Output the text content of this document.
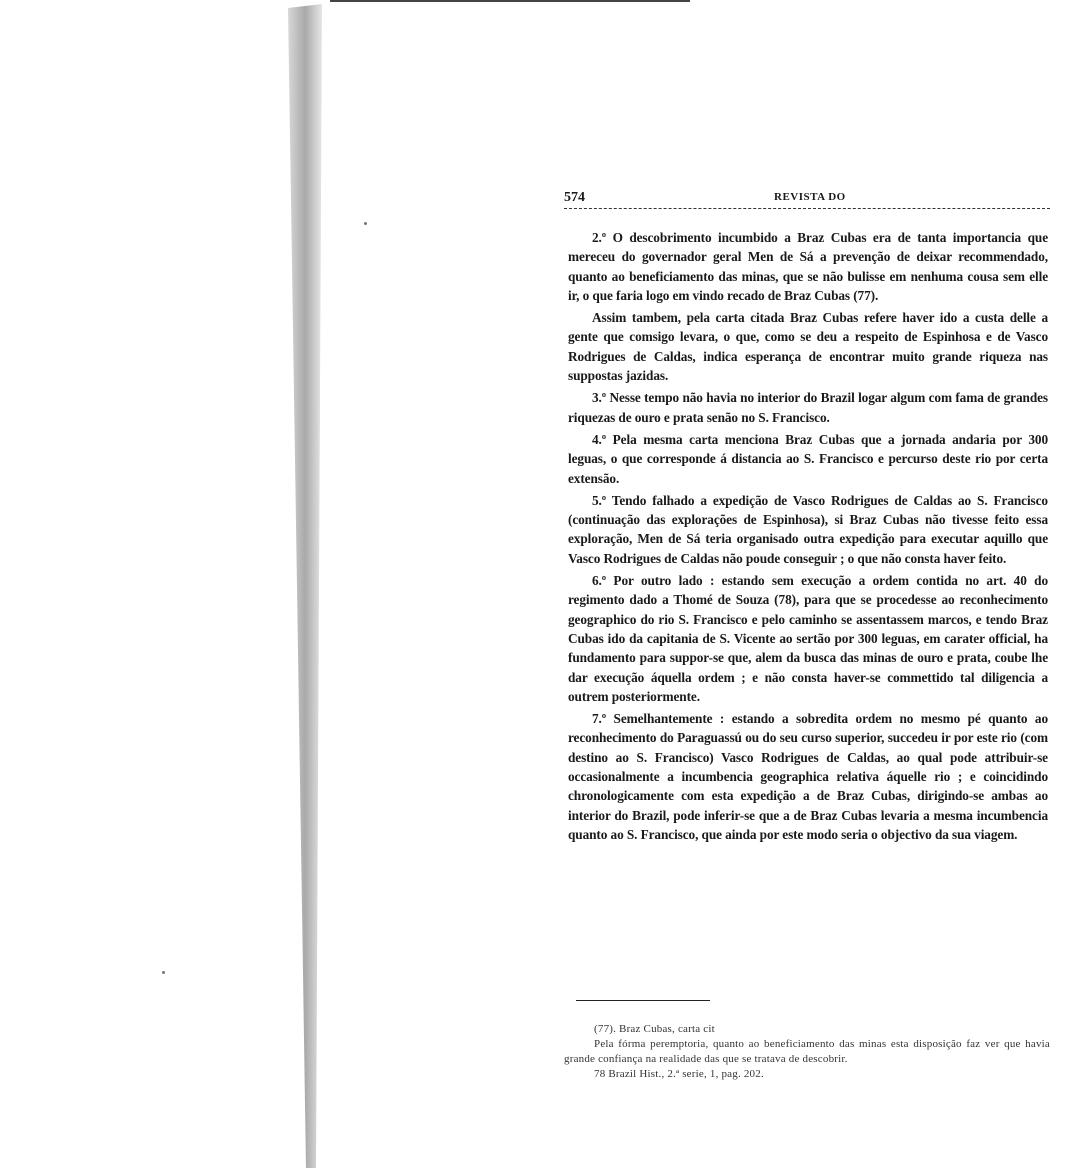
574	REVISTA DO

2.º O descobrimento incumbido a Braz Cubas era de tanta importancia que mereceu do governador geral Men de Sá a prevenção de deixar recommendado, quanto ao beneficiamento das minas, que se não bulisse em nenhuma cousa sem elle ir, o que faria logo em vindo recado de Braz Cubas (77).

Assim tambem, pela carta citada Braz Cubas refere haver ido a custa delle a gente que comsigo levara, o que, como se deu a respeito de Espinhosa e de Vasco Rodrigues de Caldas, indica esperança de encontrar muito grande riqueza nas suppostas jazidas.

3.º Nesse tempo não havia no interior do Brazil logar algum com fama de grandes riquezas de ouro e prata senão no S. Francisco.

4.º Pela mesma carta menciona Braz Cubas que a jornada andaria por 300 leguas, o que corresponde á distancia ao S. Francisco e percurso deste rio por certa extensão.

5.º Tendo falhado a expedição de Vasco Rodrigues de Caldas ao S. Francisco (continuação das explorações de Espinhosa), si Braz Cubas não tivesse feito essa exploração, Men de Sá teria organisado outra expedição para executar aquillo que Vasco Rodrigues de Caldas não poude conseguir ; o que não consta haver feito.

6.º Por outro lado : estando sem execução a ordem contida no art. 40 do regimento dado a Thomé de Souza (78), para que se procedesse ao reconhecimento geographico do rio S. Francisco e pelo caminho se assentassem marcos, e tendo Braz Cubas ido da capitania de S. Vicente ao sertão por 300 leguas, em carater official, ha fundamento para suppor-se que, alem da busca das minas de ouro e prata, coube lhe dar execução áquella ordem ; e não consta haver-se commettido tal diligencia a outrem posteriormente.

7.º Semelhantemente : estando a sobredita ordem no mesmo pé quanto ao reconhecimento do Paraguassú ou do seu curso superior, succedeu ir por este rio (com destino ao S. Francisco) Vasco Rodrigues de Caldas, ao qual pode attribuir-se occasionalmente a incumbencia geographica relativa áquelle rio ; e coincidindo chronologicamente com esta expedição a de Braz Cubas, dirigindo-se ambas ao interior do Brazil, pode inferir-se que a de Braz Cubas levaria a mesma incumbencia quanto ao S. Francisco, que ainda por este modo seria o objectivo da sua viagem.

(77). Braz Cubas, carta cit

Pela fórma peremptoria, quanto ao beneficiamento das minas esta disposição faz ver que havia grande confiança na realidade das que se tratava de descobrir.

78 Brazil Hist., 2.ª serie, 1, pag. 202.
